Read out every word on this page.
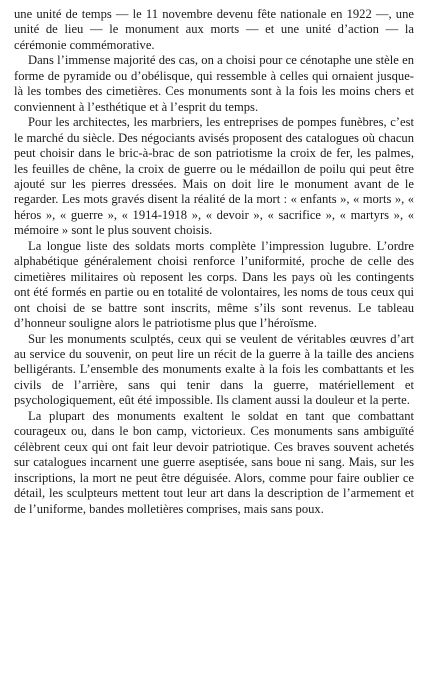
une unité de temps — le 11 novembre devenu fête nationale en 1922 —, une unité de lieu — le monument aux morts — et une unité d’action — la cérémonie commémorative.

Dans l’immense majorité des cas, on a choisi pour ce cénotaphe une stèle en forme de pyramide ou d’obélisque, qui ressemble à celles qui ornaient jusque-là les tombes des cimetières. Ces monuments sont à la fois les moins chers et conviennent à l’esthétique et à l’esprit du temps.

Pour les architectes, les marbriers, les entreprises de pompes funèbres, c’est le marché du siècle. Des négociants avisés proposent des catalogues où chacun peut choisir dans le bric-à-brac de son patriotisme la croix de fer, les palmes, les feuilles de chêne, la croix de guerre ou le médaillon de poilu qui peut être ajouté sur les pierres dressées. Mais on doit lire le monument avant de le regarder. Les mots gravés disent la réalité de la mort : « enfants », « morts », « héros », « guerre », « 1914-1918 », « devoir », « sacrifice », « martyrs », « mémoire » sont le plus souvent choisis.

La longue liste des soldats morts complète l’impression lugubre. L’ordre alphabétique généralement choisi renforce l’uniformité, proche de celle des cimetières militaires où reposent les corps. Dans les pays où les contingents ont été formés en partie ou en totalité de volontaires, les noms de tous ceux qui ont choisi de se battre sont inscrits, même s’ils sont revenus. Le tableau d’honneur souligne alors le patriotisme plus que l’héroïsme.

Sur les monuments sculptés, ceux qui se veulent de véritables œuvres d’art au service du souvenir, on peut lire un récit de la guerre à la taille des anciens belligérants. L’ensemble des monuments exalte à la fois les combattants et les civils de l’arrière, sans qui tenir dans la guerre, matériellement et psychologiquement, eût été impossible. Ils clament aussi la douleur et la perte.

La plupart des monuments exaltent le soldat en tant que combattant courageux ou, dans le bon camp, victorieux. Ces monuments sans ambiguïté célèbrent ceux qui ont fait leur devoir patriotique. Ces braves souvent achetés sur catalogues incarnent une guerre aseptisée, sans boue ni sang. Mais, sur les inscriptions, la mort ne peut être déguisée. Alors, comme pour faire oublier ce détail, les sculpteurs mettent tout leur art dans la description de l’armement et de l’uniforme, bandes molletières comprises, mais sans poux.
